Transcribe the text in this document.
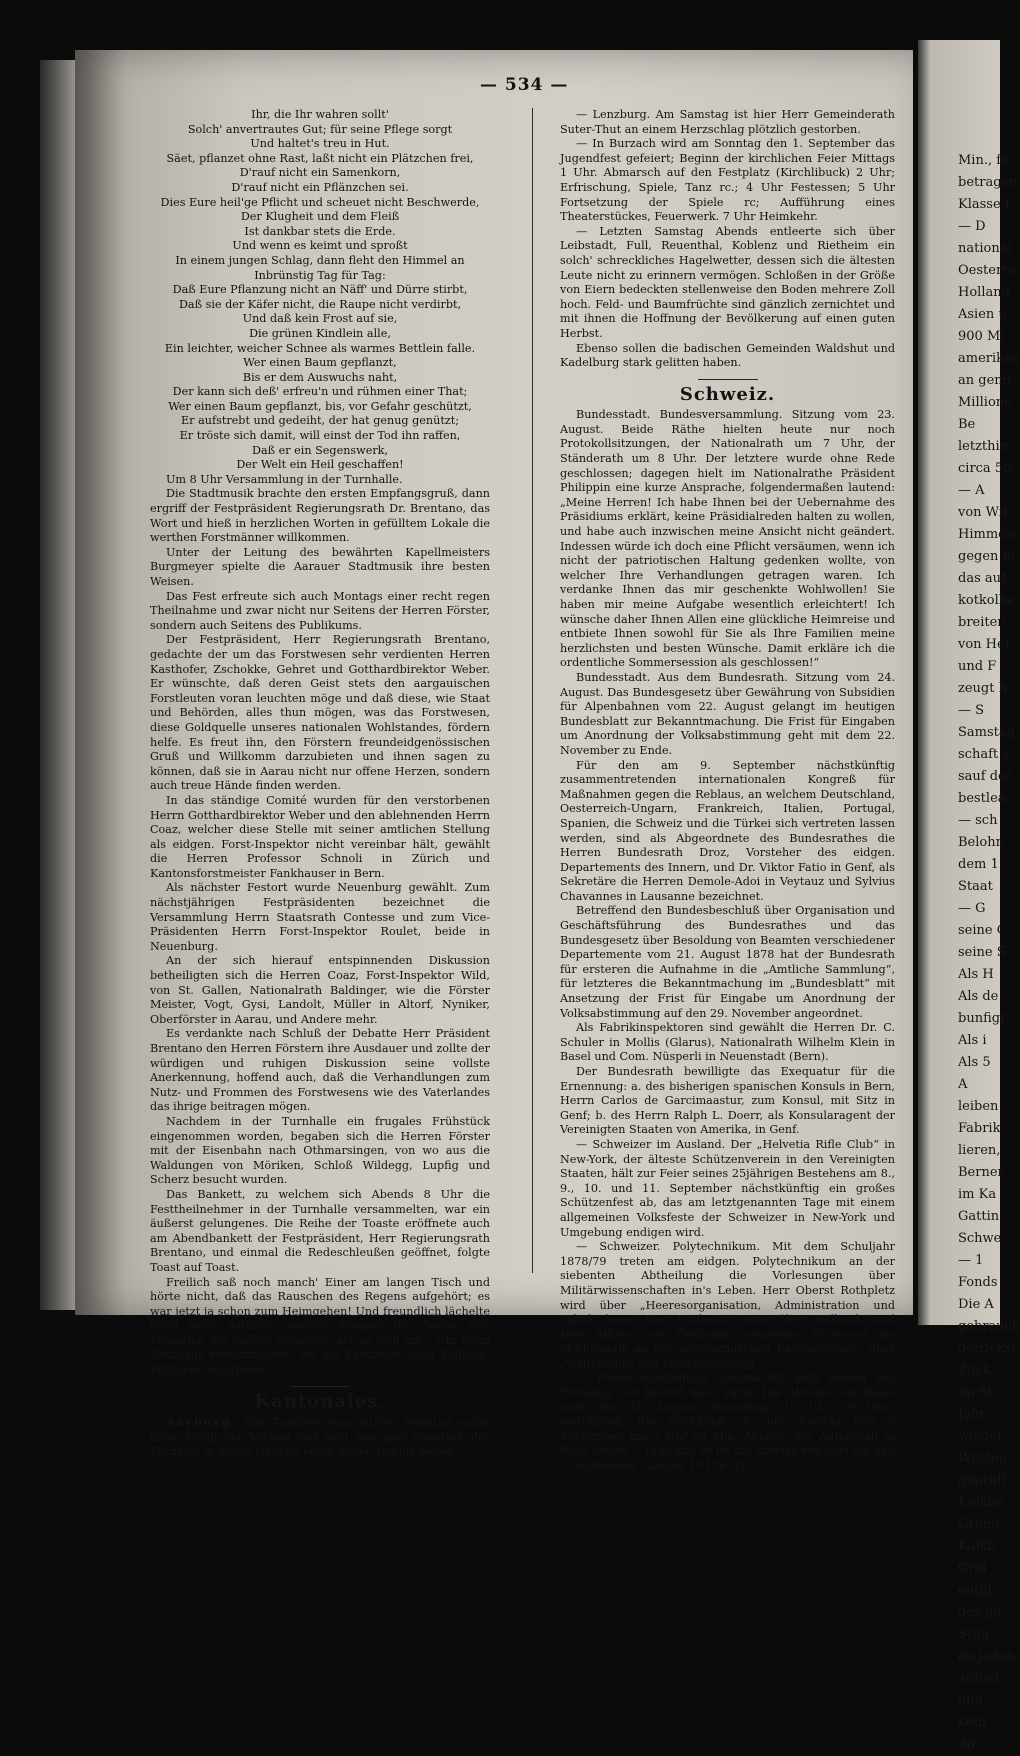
Min., fe

betragen

Klasse F

— D

national

Oesterre

Holland

Asien u

900 Mi

amerikan

an gemi

Millione

Be

letzthin

circa 50

— A

von Wil

Himmels

gegen bl

das auf

kotkolbe

breiten

von Her

und F

zeugt h

— S

Samstag

schaft s

sauf der

bestlea

— sch

Belohn

dem 1.

Staat

— G

seine C

seine S

Als H

Als de

bunfigr

Als i

Als 5

A

leiben

Fabrik

lieren,

Berner

im Ka

Gattin

Schwe

— 1

Fonds

Die A

gebrauch

getrickst

Zück

im St

Jahr

wieder

Wüsten

geprüft

Kalkbe

Grund

Kalkb

Grid

entgl

des ge

Stun

an jeden

aufbel

und

kein

ihr

— 534 —

Ihr, die Ihr wahren sollt'

Solch' anvertrautes Gut; für seine Pflege sorgt

Und haltet's treu in Hut.

Säet, pflanzet ohne Rast, laßt nicht ein Plätzchen frei,

D'rauf nicht ein Samenkorn,

D'rauf nicht ein Pflänzchen sei.

Dies Eure heil'ge Pflicht und scheuet nicht Beschwerde,

Der Klugheit und dem Fleiß

Ist dankbar stets die Erde.

Und wenn es keimt und sproßt

In einem jungen Schlag, dann fleht den Himmel an

Inbrünstig Tag für Tag:

Daß Eure Pflanzung nicht an Näff' und Dürre stirbt,

Daß sie der Käfer nicht, die Raupe nicht verdirbt,

Und daß kein Frost auf sie,

Die grünen Kindlein alle,

Ein leichter, weicher Schnee als warmes Bettlein falle.

Wer einen Baum gepflanzt,

Bis er dem Auswuchs naht,

Der kann sich deß' erfreu'n und rühmen einer That;

Wer einen Baum gepflanzt, bis, vor Gefahr geschützt,

Er aufstrebt und gedeiht, der hat genug genützt;

Er tröste sich damit, will einst der Tod ihn raffen,

Daß er ein Segenswerk,

Der Welt ein Heil geschaffen!

Um 8 Uhr Versammlung in der Turnhalle.

Die Stadtmusik brachte den ersten Empfangsgruß, dann ergriff der Festpräsident Regierungsrath Dr. Brentano, das Wort und hieß in herzlichen Worten in gefülltem Lokale die werthen Forstmänner willkommen.

Unter der Leitung des bewährten Kapellmeisters Burgmeyer spielte die Aarauer Stadtmusik ihre besten Weisen.

Das Fest erfreute sich auch Montags einer recht regen Theilnahme und zwar nicht nur Seitens der Herren Förster, sondern auch Seitens des Publikums.

Der Festpräsident, Herr Regierungsrath Brentano, gedachte der um das Forstwesen sehr verdienten Herren Kasthofer, Zschokke, Gehret und Gotthardbirektor Weber. Er wünschte, daß deren Geist stets den aargauischen Forstleuten voran leuchten möge und daß diese, wie Staat und Behörden, alles thun mögen, was das Forstwesen, diese Goldquelle unseres nationalen Wohlstandes, fördern helfe. Es freut ihn, den Förstern freundeidgenössischen Gruß und Willkomm darzubieten und ihnen sagen zu können, daß sie in Aarau nicht nur offene Herzen, sondern auch treue Hände finden werden.

In das ständige Comité wurden für den verstorbenen Herrn Gotthardbirektor Weber und den ablehnenden Herrn Coaz, welcher diese Stelle mit seiner amtlichen Stellung als eidgen. Forst-Inspektor nicht vereinbar hält, gewählt die Herren Professor Schnoli in Zürich und Kantonsforstmeister Fankhauser in Bern.

Als nächster Festort wurde Neuenburg gewählt. Zum nächstjährigen Festpräsidenten bezeichnet die Versammlung Herrn Staatsrath Contesse und zum Vice-Präsidenten Herrn Forst-Inspektor Roulet, beide in Neuenburg.

An der sich hierauf entspinnenden Diskussion betheiligten sich die Herren Coaz, Forst-Inspektor Wild, von St. Gallen, Nationalrath Baldinger, wie die Förster Meister, Vogt, Gysi, Landolt, Müller in Altorf, Nyniker, Oberförster in Aarau, und Andere mehr.

Es verdankte nach Schluß der Debatte Herr Präsident Brentano den Herren Förstern ihre Ausdauer und zollte der würdigen und ruhigen Diskussion seine vollste Anerkennung, hoffend auch, daß die Verhandlungen zum Nutz- und Frommen des Forstwesens wie des Vaterlandes das ihrige beitragen mögen.

Nachdem in der Turnhalle ein frugales Frühstück eingenommen worden, begaben sich die Herren Förster mit der Eisenbahn nach Othmarsingen, von wo aus die Waldungen von Möriken, Schloß Wildegg, Lupfig und Scherz besucht wurden.

Das Bankett, zu welchem sich Abends 8 Uhr die Festtheilnehmer in der Turnhalle versammelten, war ein äußerst gelungenes. Die Reihe der Toaste eröffnete auch am Abendbankett der Festpräsident, Herr Regierungsrath Brentano, und einmal die Redeschleußen geöffnet, folgte Toast auf Toast.

Freilich saß noch manch' Einer am langen Tisch und hörte nicht, daß das Rauschen des Regens aufgehört; es war jetzt ja schon zum Heimgehen! Und freundlich lächelte denn auch wirklich gestern Morgen die Sonne den Freunden des Waldes entgegen, als sie sich um 7 Uhr beim Rathhaus versammelten, um die Exkursion nach Kölliken-Zofingen anzutreten.

Kantonales.

Aarburg. Das Turnfest vom letzten Sonntag nahm einen fröhlichen Verlauf und wird, wie man erwartet, der Turnerei in dieser Gegend einen neuen Impuls geben.

— Lenzburg. Am Samstag ist hier Herr Gemeinderath Suter-Thut an einem Herzschlag plötzlich gestorben.

— In Burzach wird am Sonntag den 1. September das Jugendfest gefeiert; Beginn der kirchlichen Feier Mittags 1 Uhr. Abmarsch auf den Festplatz (Kirchlibuck) 2 Uhr; Erfrischung, Spiele, Tanz rc.; 4 Uhr Festessen; 5 Uhr Fortsetzung der Spiele rc; Aufführung eines Theaterstückes, Feuerwerk. 7 Uhr Heimkehr.

— Letzten Samstag Abends entleerte sich über Leibstadt, Full, Reuenthal, Koblenz und Rietheim ein solch' schreckliches Hagelwetter, dessen sich die ältesten Leute nicht zu erinnern vermögen. Schloßen in der Größe von Eiern bedeckten stellenweise den Boden mehrere Zoll hoch. Feld- und Baumfrüchte sind gänzlich zernichtet und mit ihnen die Hoffnung der Bevölkerung auf einen guten Herbst.

Ebenso sollen die badischen Gemeinden Waldshut und Kadelburg stark gelitten haben.

Schweiz.

Bundesstadt. Bundesversammlung. Sitzung vom 23. August. Beide Räthe hielten heute nur noch Protokollsitzungen, der Nationalrath um 7 Uhr, der Ständerath um 8 Uhr. Der letztere wurde ohne Rede geschlossen; dagegen hielt im Nationalrathe Präsident Philippin eine kurze Ansprache, folgendermaßen lautend: „Meine Herren! Ich habe Ihnen bei der Uebernahme des Präsidiums erklärt, keine Präsidialreden halten zu wollen, und habe auch inzwischen meine Ansicht nicht geändert. Indessen würde ich doch eine Pflicht versäumen, wenn ich nicht der patriotischen Haltung gedenken wollte, von welcher Ihre Verhandlungen getragen waren. Ich verdanke Ihnen das mir geschenkte Wohlwollen! Sie haben mir meine Aufgabe wesentlich erleichtert! Ich wünsche daher Ihnen Allen eine glückliche Heimreise und entbiete Ihnen sowohl für Sie als Ihre Familien meine herzlichsten und besten Wünsche. Damit erkläre ich die ordentliche Sommersession als geschlossen!“

Bundesstadt. Aus dem Bundesrath. Sitzung vom 24. August. Das Bundesgesetz über Gewährung von Subsidien für Alpenbahnen vom 22. August gelangt im heutigen Bundesblatt zur Bekanntmachung. Die Frist für Eingaben um Anordnung der Volksabstimmung geht mit dem 22. November zu Ende.

Für den am 9. September nächstkünftig zusammentretenden internationalen Kongreß für Maßnahmen gegen die Reblaus, an welchem Deutschland, Oesterreich-Ungarn, Frankreich, Italien, Portugal, Spanien, die Schweiz und die Türkei sich vertreten lassen werden, sind als Abgeordnete des Bundesrathes die Herren Bundesrath Droz, Vorsteher des eidgen. Departements des Innern, und Dr. Viktor Fatio in Genf, als Sekretäre die Herren Demole-Adoi in Veytauz und Sylvius Chavannes in Lausanne bezeichnet.

Betreffend den Bundesbeschluß über Organisation und Geschäftsführung des Bundesrathes und das Bundesgesetz über Besoldung von Beamten verschiedener Departemente vom 21. August 1878 hat der Bundesrath für ersteren die Aufnahme in die „Amtliche Sammlung“, für letzteres die Bekanntmachung im „Bundesblatt“ mit Ansetzung der Frist für Eingabe um Anordnung der Volksabstimmung auf den 29. November angeordnet.

Als Fabrikinspektoren sind gewählt die Herren Dr. C. Schuler in Mollis (Glarus), Nationalrath Wilhelm Klein in Basel und Com. Nüsperli in Neuenstadt (Bern).

Der Bundesrath bewilligte das Exequatur für die Ernennung: a. des bisherigen spanischen Konsuls in Bern, Herrn Carlos de Garcimaastur, zum Konsul, mit Sitz in Genf; b. des Herrn Ralph L. Doerr, als Konsularagent der Vereinigten Staaten von Amerika, in Genf.

— Schweizer im Ausland. Der „Helvetia Rifle Club“ in New-York, der älteste Schützenverein in den Vereinigten Staaten, hält zur Feier seines 25jährigen Bestehens am 8., 9., 10. und 11. September nächstkünftig ein großes Schützenfest ab, das am letztgenannten Tage mit einem allgemeinen Volksfeste der Schweizer in New-York und Umgebung endigen wird.

— Schweizer. Polytechnikum. Mit dem Schuljahr 1878/79 treten am eidgen. Polytechnikum an der siebenten Abtheilung die Vorlesungen über Militärwissenschaften in's Leben. Herr Oberst Rothpletz wird über „Heeresorganisation, Administration und Taktik“ lesen, Herr Professor Geiser über „Ballistik“ und Herr Affolter, von Oeitingen, gewesener Professor der Mathematik an der solothurnischen Kantonsschule, über „Waffenlehre und Feldbefestigung.“

— Pariser-Ausstellung. Demnächst geht wieder ein Extrazug von Belfort nach Paris. Die Abreise von Basel wird den 31. August, Vormittags 10 Uhr 20 Min., stattfinden, die Rückkunft in dort Freitag den 6 September, um 7 Uhr 25 Min. Abends; der Aufenthalt in Paris dauert 5 Tage und es ist die Abreise von dort auf den 5. September, Abends 10 Uhr 35
